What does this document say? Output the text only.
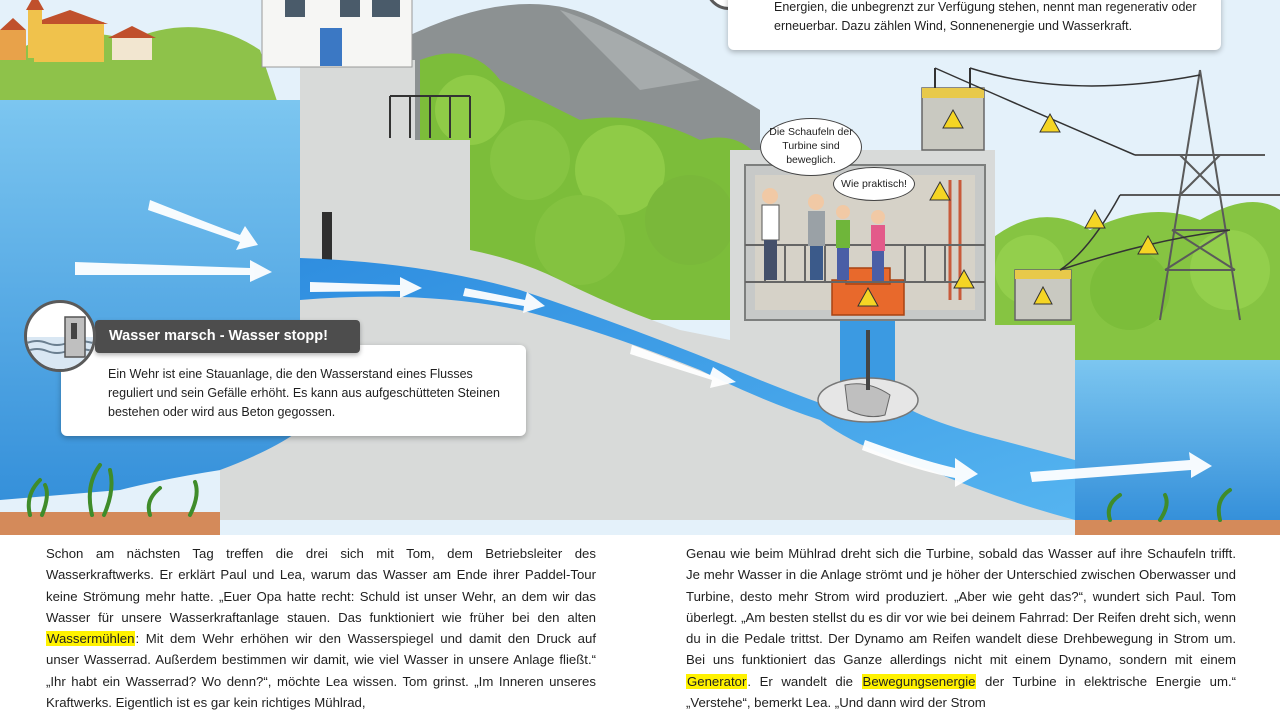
Energien, die unbegrenzt zur Verfügung stehen, nennt man regenerativ oder erneuerbar. Dazu zählen Wind, Sonnenenergie und Wasserkraft.

Die Schaufeln der Turbine sind beweglich.
Wie praktisch!

Ein Wehr ist eine Stauanlage, die den Wasserstand eines Flusses reguliert und sein Gefälle erhöht. Es kann aus aufgeschütteten Steinen bestehen oder wird aus Beton gegossen.

Wasser marsch - Wasser stopp!

Schon am nächsten Tag treffen die drei sich mit Tom, dem Betriebsleiter des Wasserkraftwerks. Er erklärt Paul und Lea, warum das Wasser am Ende ihrer Paddel-Tour keine Strömung mehr hatte. „Euer Opa hatte recht: Schuld ist unser Wehr, an dem wir das Wasser für unsere Wasserkraftanlage stauen. Das funktioniert wie früher bei den alten Wassermühlen: Mit dem Wehr erhöhen wir den Wasserspiegel und damit den Druck auf unser Wasserrad. Außerdem bestimmen wir damit, wie viel Wasser in unsere Anlage fließt.“ „Ihr habt ein Wasserrad? Wo denn?“, möchte Lea wissen. Tom grinst. „Im Inneren unseres Kraftwerks. Eigentlich ist es gar kein richtiges Mühlrad,

Genau wie beim Mühlrad dreht sich die Turbine, sobald das Wasser auf ihre Schaufeln trifft. Je mehr Wasser in die Anlage strömt und je höher der Unterschied zwischen Oberwasser und Turbine, desto mehr Strom wird produziert. „Aber wie geht das?“, wundert sich Paul. Tom überlegt. „Am besten stellst du es dir vor wie bei deinem Fahrrad: Der Reifen dreht sich, wenn du in die Pedale trittst. Der Dynamo am Reifen wandelt diese Drehbewegung in Strom um. Bei uns funktioniert das Ganze allerdings nicht mit einem Dynamo, sondern mit einem Generator. Er wandelt die Bewegungsenergie der Turbine in elektrische Energie um.“ „Verstehe“, bemerkt Lea. „Und dann wird der Strom
